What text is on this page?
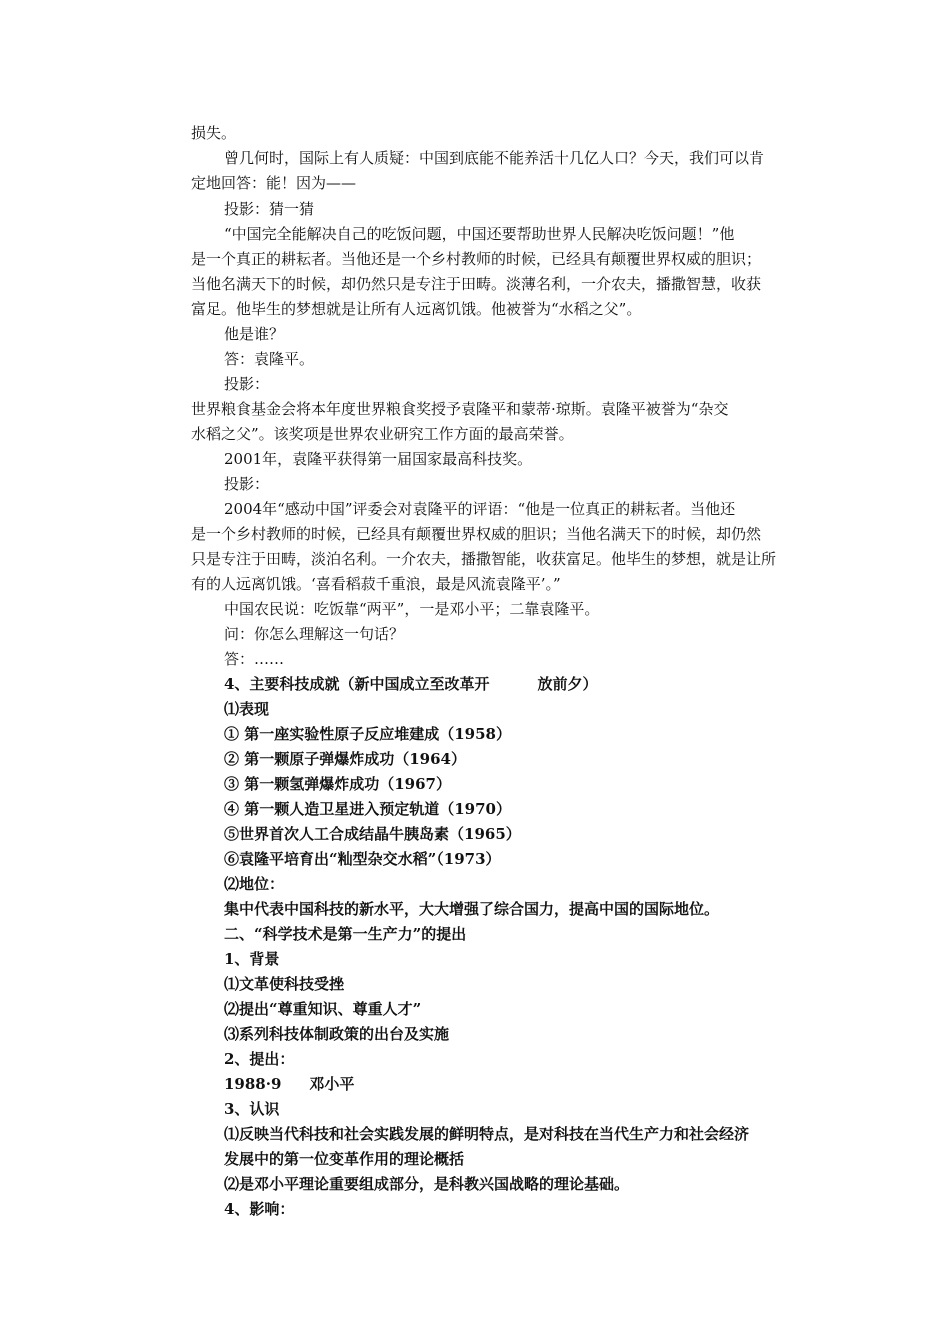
损失。
曾几何时，国际上有人质疑：中国到底能不能养活十几亿人口？今天，我们可以肯
定地回答：能！因为——
投影：猜一猜
“中国完全能解决自己的吃饭问题，中国还要帮助世界人民解决吃饭问题！”他
是一个真正的耕耘者。当他还是一个乡村教师的时候，已经具有颠覆世界权威的胆识；
当他名满天下的时候，却仍然只是专注于田畴。淡薄名利，一介农夫，播撒智慧，收获
富足。他毕生的梦想就是让所有人远离饥饿。他被誉为“水稻之父”。
他是谁？
答：袁隆平。
投影：
世界粮食基金会将本年度世界粮食奖授予袁隆平和蒙蒂·琼斯。袁隆平被誉为“杂交
水稻之父”。该奖项是世界农业研究工作方面的最高荣誉。
2001年，袁隆平获得第一届国家最高科技奖。
投影：
2004年“感动中国”评委会对袁隆平的评语：“他是一位真正的耕耘者。当他还
是一个乡村教师的时候，已经具有颠覆世界权威的胆识；当他名满天下的时候，却仍然
只是专注于田畴，淡泊名利。一介农夫，播撒智能，收获富足。他毕生的梦想，就是让所
有的人远离饥饿。‘喜看稻菽千重浪，最是风流袁隆平’。”
中国农民说：吃饭靠“两平”，一是邓小平；二靠袁隆平。
问：你怎么理解这一句话？
答：……
4、主要科技成就（新中国成立至改革开	放前夕）
⑴表现
① 第一座实验性原子反应堆建成（1958）
② 第一颗原子弹爆炸成功（1964）
③ 第一颗氢弹爆炸成功（1967）
④ 第一颗人造卫星进入预定轨道（1970）
⑤世界首次人工合成结晶牛胰岛素（1965）
⑥袁隆平培育出“籼型杂交水稻”（1973）
⑵地位：
集中代表中国科技的新水平，大大增强了综合国力，提高中国的国际地位。
二、“科学技术是第一生产力”的提出
1、背景
⑴文革使科技受挫
⑵提出“尊重知识、尊重人才”
⑶系列科技体制政策的出台及实施
2、提出：
1988·9 邓小平
3、认识
⑴反映当代科技和社会实践发展的鲜明特点，是对科技在当代生产力和社会经济
发展中的第一位变革作用的理论概括
⑵是邓小平理论重要组成部分，是科教兴国战略的理论基础。
4、影响：
